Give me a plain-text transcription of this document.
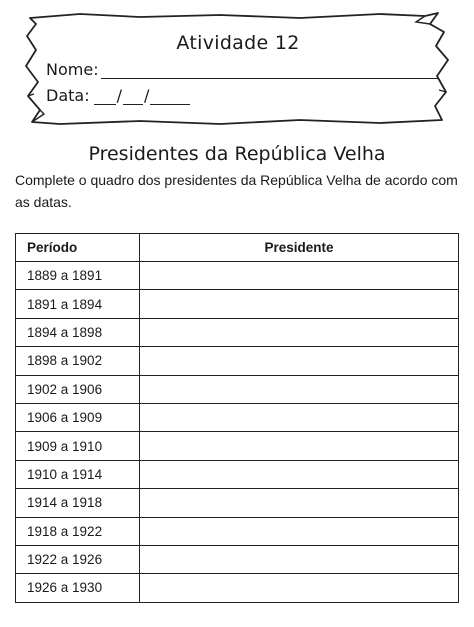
Atividade 12
Nome:
Data: / /
Presidentes da República Velha

Complete o quadro dos presidentes da República Velha de acordo com as datas.

Período	Presidente
1889 a 1891	
1891 a 1894	
1894 a 1898	
1898 a 1902	
1902 a 1906	
1906 a 1909	
1909 a 1910	
1910 a 1914	
1914 a 1918	
1918 a 1922	
1922 a 1926	
1926 a 1930	
